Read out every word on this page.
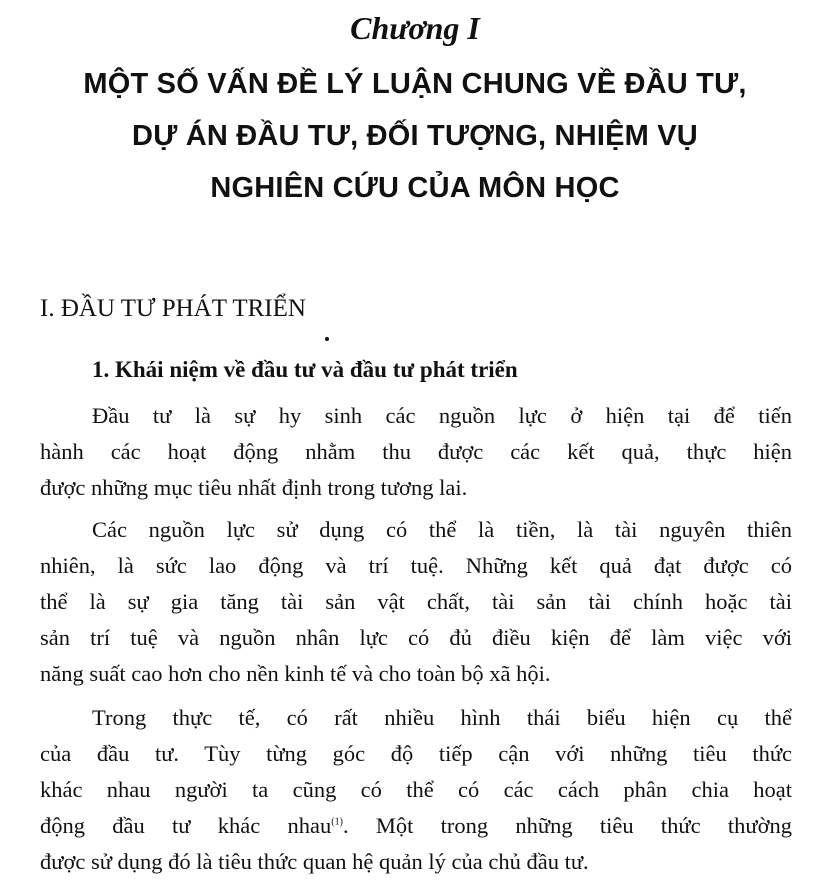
Chương I
MỘT SỐ VẤN ĐỀ LÝ LUẬN CHUNG VỀ ĐẦU TƯ,
DỰ ÁN ĐẦU TƯ, ĐỐI TƯỢNG, NHIỆM VỤ
NGHIÊN CỨU CỦA MÔN HỌC
I. ĐẦU TƯ PHÁT TRIỂN
1. Khái niệm về đầu tư và đầu tư phát triển
Đầu tư là sự hy sinh các nguồn lực ở hiện tại để tiến
hành các hoạt động nhằm thu được các kết quả, thực hiện
được những mục tiêu nhất định trong tương lai.
Các nguồn lực sử dụng có thể là tiền, là tài nguyên thiên
nhiên, là sức lao động và trí tuệ. Những kết quả đạt được có
thể là sự gia tăng tài sản vật chất, tài sản tài chính hoặc tài
sản trí tuệ và nguồn nhân lực có đủ điều kiện để làm việc với
năng suất cao hơn cho nền kinh tế và cho toàn bộ xã hội.
Trong thực tế, có rất nhiều hình thái biểu hiện cụ thể
của đầu tư. Tùy từng góc độ tiếp cận với những tiêu thức
khác nhau người ta cũng có thể có các cách phân chia hoạt
động đầu tư khác nhau$^{(1)}$. Một trong những tiêu thức thường
được sử dụng đó là tiêu thức quan hệ quản lý của chủ đầu tư.
